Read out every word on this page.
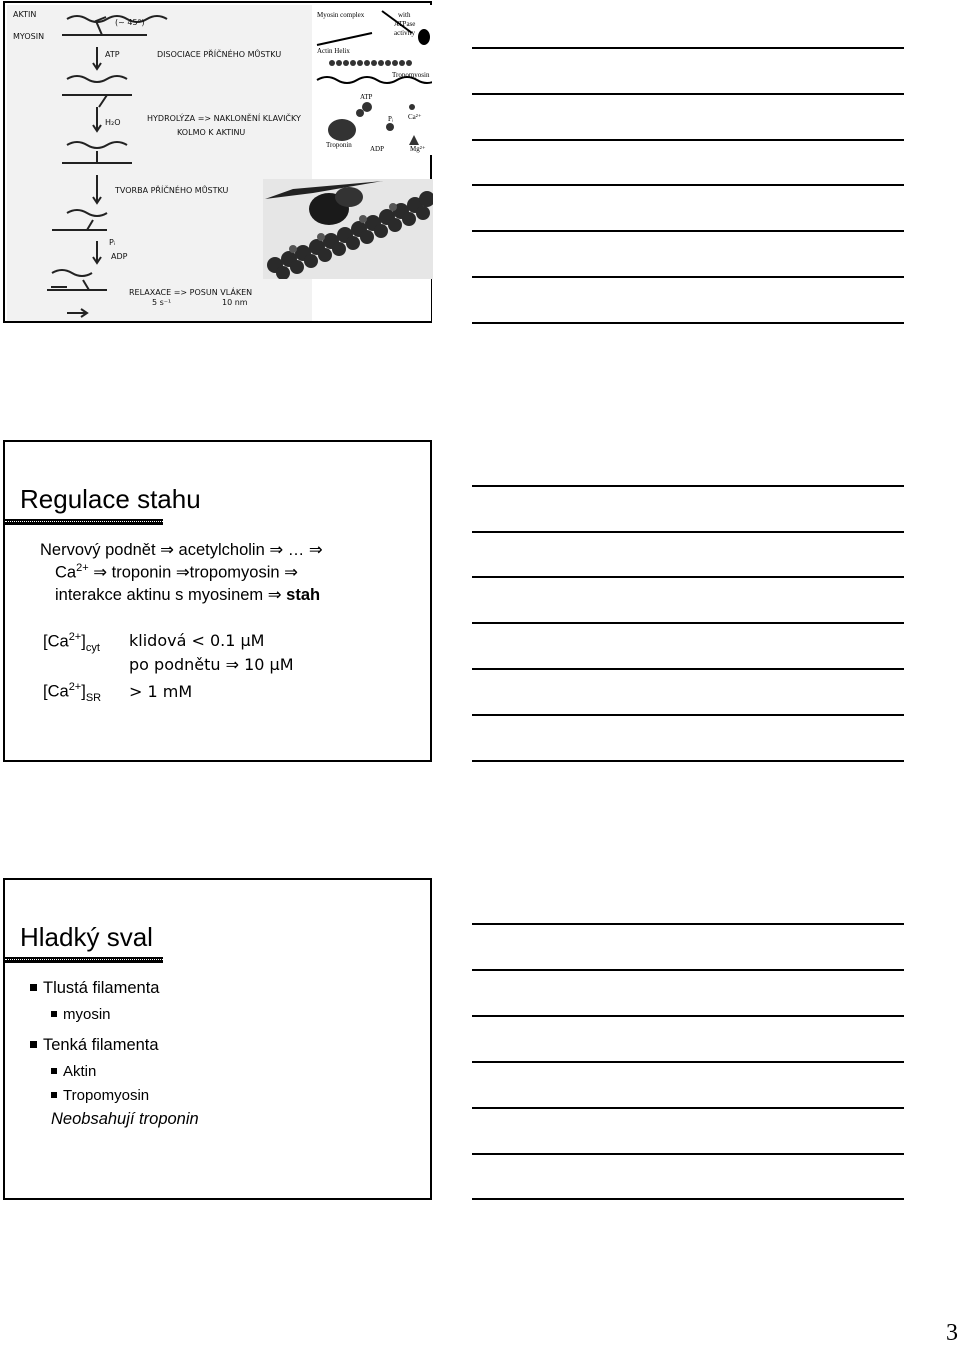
AKTIN
MYOSIN
(~ 45°)
ATP	DISOCIACE PŘÍČNÉHO MŮSTKU
H₂O	HYDROLÝZA => NAKLONĚNÍ KLAVIČKY
KOLMO K AKTINU
TVORBA PŘÍČNÉHO MŮSTKU
Pᵢ
ADP
RELAXACE => POSUN VLÁKEN
5 s⁻¹	10 nm
Myosin complex	with
ATPase
activity
Actin Helix
Tropomyosin
ATP
Pᵢ Ca²⁺
Troponin	ADP	Mg²⁺
Regulace stahu
Nervový podnět ⇒ acetylcholin ⇒ … ⇒
$Ca^{2+}$ ⇒ troponin ⇒tropomyosin ⇒
interakce aktinu s myosinem ⇒ stah
$[Ca^{2+}]_{cyt}$ klidová < 0.1 μM
po podnětu ⇒ 10 μM
$[Ca^{2+}]_{SR} > 1$ mM
Hladký sval
Tlustá filamenta
myosin
Tenká filamenta
Aktin
Tropomyosin
Neobsahují troponin
3
